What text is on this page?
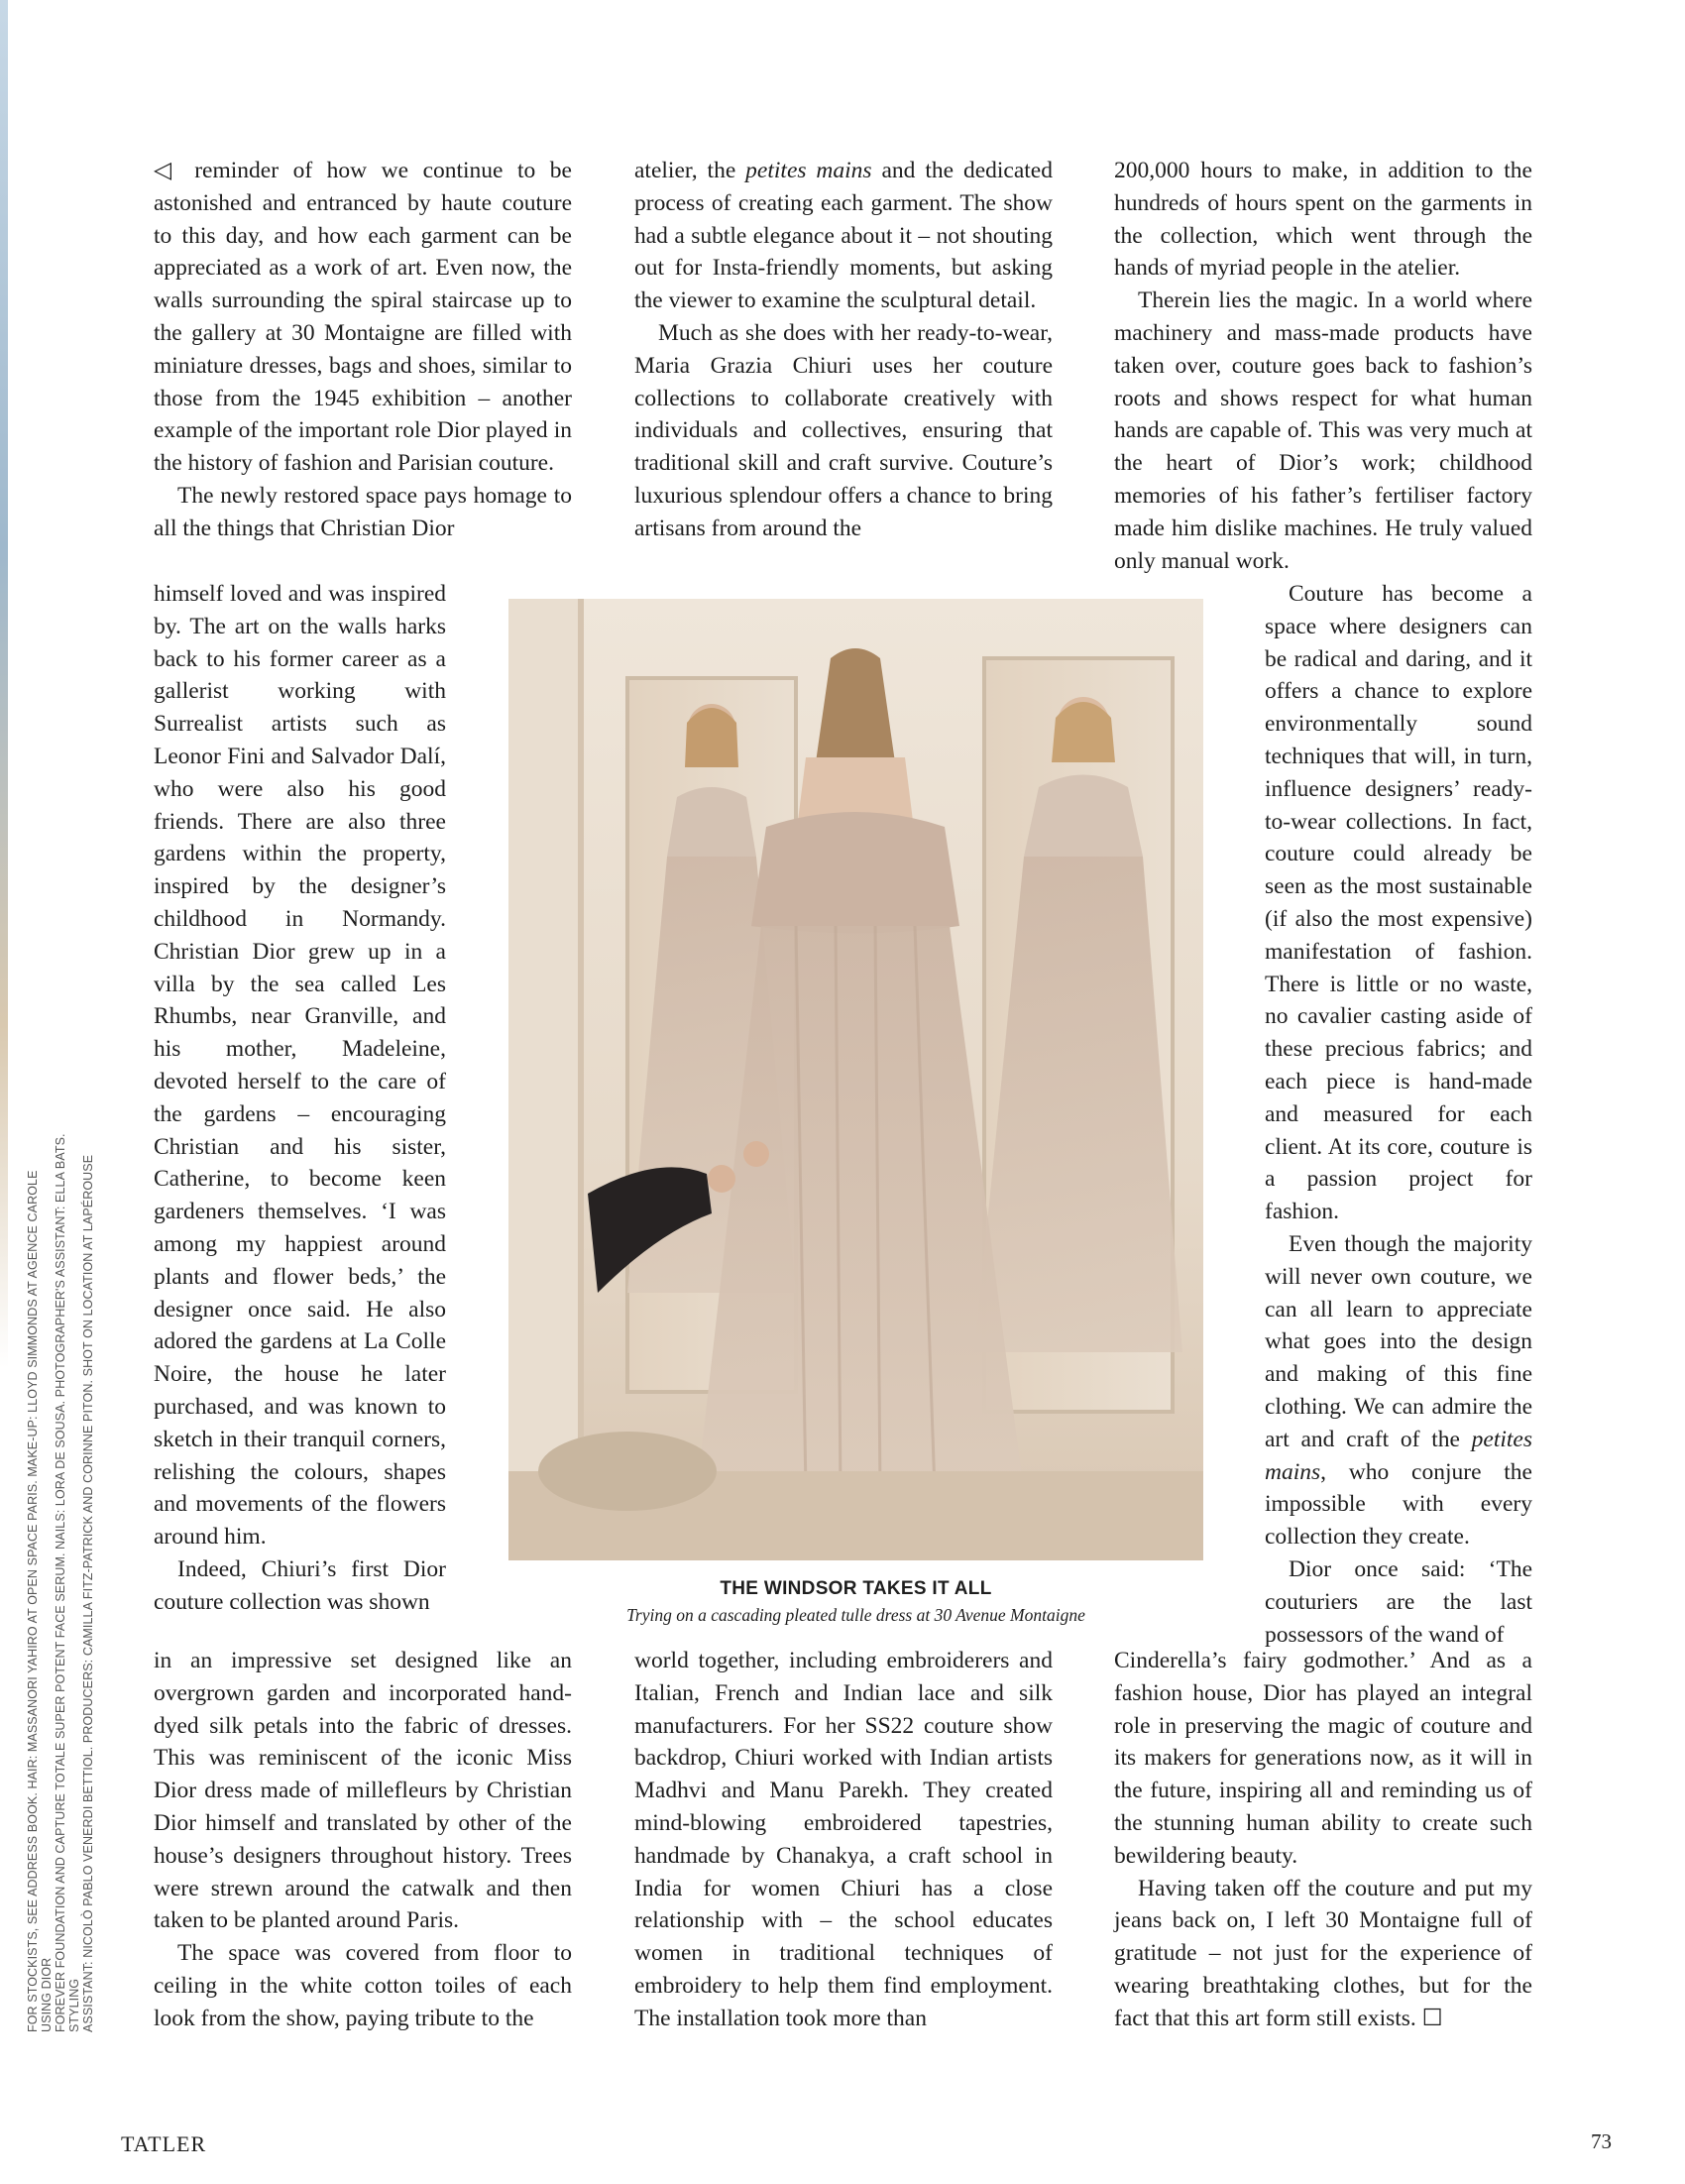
FOR STOCKISTS, SEE ADDRESS BOOK. HAIR: MASSANORI YAHIRO AT OPEN SPACE PARIS. MAKE-UP: LLOYD SIMMONDS AT AGENCE CAROLE USING DIOR FOREVER FOUNDATION AND CAPTURE TOTALE SUPER POTENT FACE SERUM. NAILS: LORA DE SOUSA. PHOTOGRAPHER'S ASSISTANT: ELLA BATS. STYLING ASSISTANT: NICOLÒ PABLO VENERDI BETTIOL. PRODUCERS: CAMILLA FITZ-PATRICK AND CORINNE PITON. SHOT ON LOCATION AT LAPÉROUSE

◁ reminder of how we continue to be astonished and entranced by haute couture to this day, and how each garment can be appreciated as a work of art. Even now, the walls surrounding the spiral staircase up to the gallery at 30 Montaigne are filled with miniature dresses, bags and shoes, similar to those from the 1945 exhibition – another example of the important role Dior played in the history of fashion and Parisian couture.

The newly restored space pays homage to all the things that Christian Dior

himself loved and was inspired by. The art on the walls harks back to his former career as a gallerist working with Surrealist artists such as Leonor Fini and Salvador Dalí, who were also his good friends. There are also three gardens within the property, inspired by the designer’s childhood in Normandy. Christian Dior grew up in a villa by the sea called Les Rhumbs, near Granville, and his mother, Madeleine, devoted herself to the care of the gardens – encouraging Christian and his sister, Catherine, to become keen gardeners themselves. ‘I was among my happiest around plants and flower beds,’ the designer once said. He also adored the gardens at La Colle Noire, the house he later purchased, and was known to sketch in their tranquil corners, relishing the colours, shapes and movements of the flowers around him.

Indeed, Chiuri’s first Dior couture collection was shown

in an impressive set designed like an overgrown garden and incorporated hand-dyed silk petals into the fabric of dresses. This was reminiscent of the iconic Miss Dior dress made of millefleurs by Christian Dior himself and translated by other of the house’s designers throughout history. Trees were strewn around the catwalk and then taken to be planted around Paris.

The space was covered from floor to ceiling in the white cotton toiles of each look from the show, paying tribute to the

atelier, the petites mains and the dedicated process of creating each garment. The show had a subtle elegance about it – not shouting out for Insta-friendly moments, but asking the viewer to examine the sculptural detail.

Much as she does with her ready-to-wear, Maria Grazia Chiuri uses her couture collections to collaborate creatively with individuals and collectives, ensuring that traditional skill and craft survive. Couture’s luxurious splendour offers a chance to bring artisans from around the

world together, including embroiderers and Italian, French and Indian lace and silk manufacturers. For her SS22 couture show backdrop, Chiuri worked with Indian artists Madhvi and Manu Parekh. They created mind-blowing embroidered tapestries, handmade by Chanakya, a craft school in India for women Chiuri has a close relationship with – the school educates women in traditional techniques of embroidery to help them find employment. The installation took more than

200,000 hours to make, in addition to the hundreds of hours spent on the garments in the collection, which went through the hands of myriad people in the atelier.

Therein lies the magic. In a world where machinery and mass-made products have taken over, couture goes back to fashion’s roots and shows respect for what human hands are capable of. This was very much at the heart of Dior’s work; childhood memories of his father’s fertiliser factory made him dislike machines. He truly valued only manual work.

Couture has become a space where designers can be radical and daring, and it offers a chance to explore environmentally sound techniques that will, in turn, influence designers’ ready-to-wear collections. In fact, couture could already be seen as the most sustainable (if also the most expensive) manifestation of fashion. There is little or no waste, no cavalier casting aside of these precious fabrics; and each piece is hand-made and measured for each client. At its core, couture is a passion project for fashion.

Even though the majority will never own couture, we can all learn to appreciate what goes into the design and making of this fine clothing. We can admire the art and craft of the petites mains, who conjure the impossible with every collection they create.

Dior once said: ‘The couturiers are the last possessors of the wand of

Cinderella’s fairy godmother.’ And as a fashion house, Dior has played an integral role in preserving the magic of couture and its makers for generations now, as it will in the future, inspiring all and reminding us of the stunning human ability to create such bewildering beauty.

Having taken off the couture and put my jeans back on, I left 30 Montaigne full of gratitude – not just for the experience of wearing breathtaking clothes, but for the fact that this art form still exists. ☐

THE WINDSOR TAKES IT ALL
Trying on a cascading pleated tulle dress at 30 Avenue Montaigne
TATLER	73
